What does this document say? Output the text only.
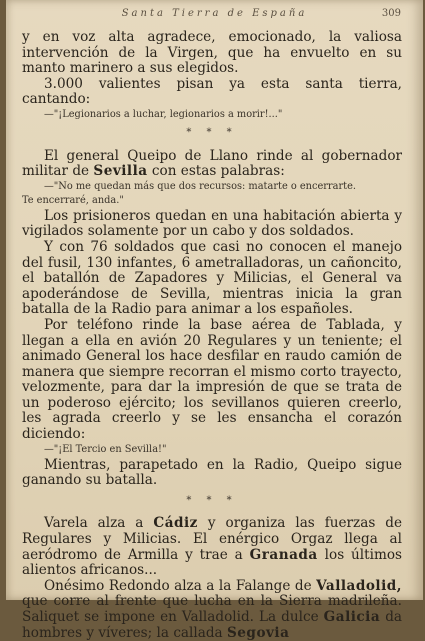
Santa Tierra de España	309

y en voz alta agradece, emocionado, la valiosa intervención de la Virgen, que ha envuelto en su manto marinero a sus elegidos.

3.000 valientes pisan ya esta santa tierra, cantando:

—"¡Legionarios a luchar, legionarios a morir!..."

* * *

El general Queipo de Llano rinde al gobernador militar de Sevilla con estas palabras:

—"No me quedan más que dos recursos: matarte o encerrarte.

Te encerraré, anda."

Los prisioneros quedan en una habitación abierta y vigilados solamente por un cabo y dos soldados.

Y con 76 soldados que casi no conocen el manejo del fusil, 130 infantes, 6 ametralladoras, un cañoncito, el batallón de Zapadores y Milicias, el General va apoderándose de Sevilla, mientras inicia la gran batalla de la Radio para animar a los españoles.

Por teléfono rinde la base aérea de Tablada, y llegan a ella en avión 20 Regulares y un teniente; el animado General los hace desfilar en raudo camión de manera que siempre recorran el mismo corto trayecto, velozmente, para dar la impresión de que se trata de un poderoso ejército; los sevillanos quieren creerlo, les agrada creerlo y se les ensancha el corazón diciendo:

—"¡El Tercio en Sevilla!"

Mientras, parapetado en la Radio, Queipo sigue ganando su batalla.

* * *

Varela alza a Cádiz y organiza las fuerzas de Regulares y Milicias. El enérgico Orgaz llega al aeródromo de Armilla y trae a Granada los últimos alientos africanos...

Onésimo Redondo alza a la Falange de Valladolid, que corre al frente que lucha en la Sierra madrileña. Saliquet se impone en Valladolid. La dulce Galicia da hombres y víveres; la callada Segovia
